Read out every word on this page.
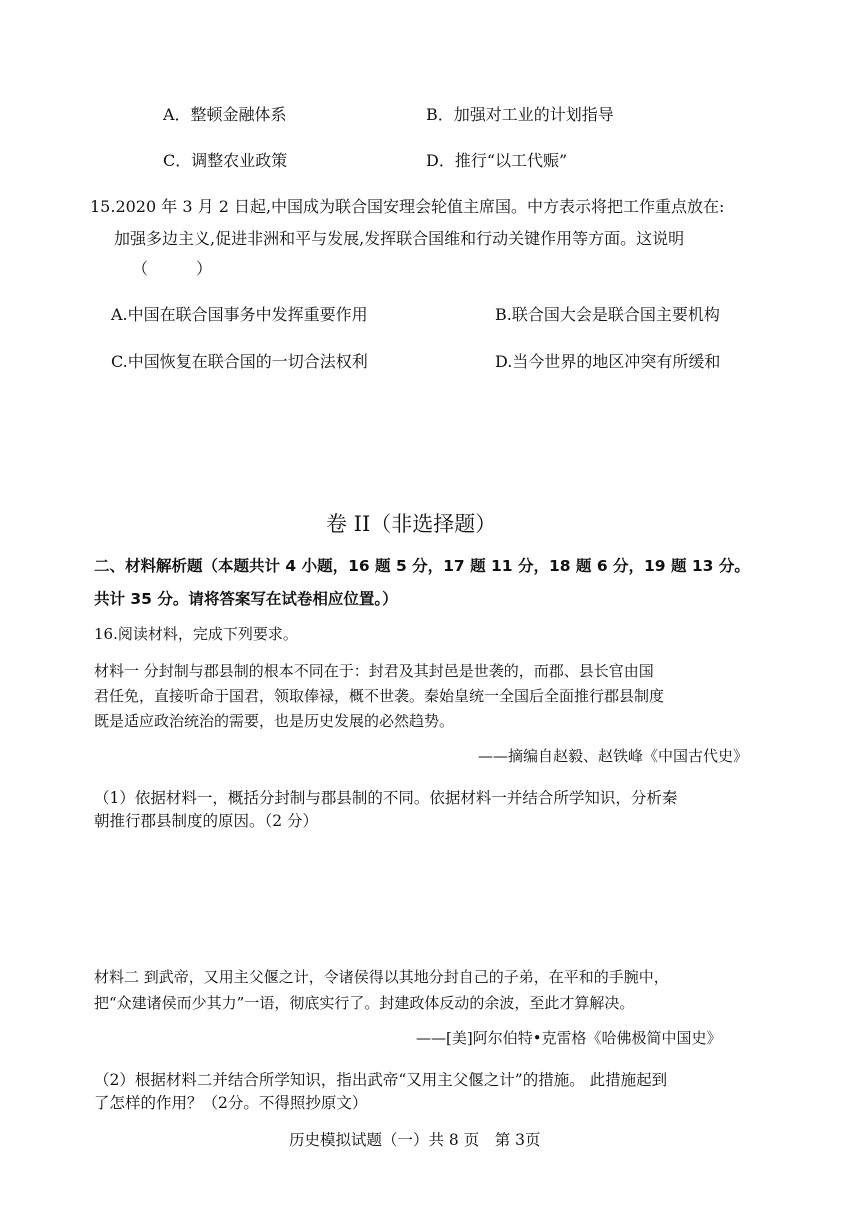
A．整顿金融体系	B．加强对工业的计划指导
C．调整农业政策	D．推行“以工代赈”
15.2020 年 3 月 2 日起,中国成为联合国安理会轮值主席国。中方表示将把工作重点放在:
加强多边主义,促进非洲和平与发展,发挥联合国维和行动关键作用等方面。这说明
（　　　）
A.中国在联合国事务中发挥重要作用	B.联合国大会是联合国主要机构
C.中国恢复在联合国的一切合法权利	D.当今世界的地区冲突有所缓和
卷 II（非选择题）
二、材料解析题（本题共计 4 小题，16 题 5 分，17 题 11 分，18 题 6 分，19 题 13 分。
共计 35 分。请将答案写在试卷相应位置。）
16.阅读材料，完成下列要求。
材料一 分封制与郡县制的根本不同在于：封君及其封邑是世袭的，而郡、县长官由国
君任免，直接听命于国君，领取俸禄，概不世袭。秦始皇统一全国后全面推行郡县制度
既是适应政治统治的需要，也是历史发展的必然趋势。
——摘编自赵毅、赵铁峰《中国古代史》
（1）依据材料一，概括分封制与郡县制的不同。依据材料一并结合所学知识，分析秦
朝推行郡县制度的原因。（2 分）
材料二 到武帝，又用主父偃之计，令诸侯得以其地分封自己的子弟，在平和的手腕中，
把“众建诸侯而少其力”一语，彻底实行了。封建政体反动的余波，至此才算解决。
——[美]阿尔伯特•克雷格《哈佛极简中国史》
（2）根据材料二并结合所学知识，指出武帝“又用主父偃之计”的措施。 此措施起到
了怎样的作用？（2分。不得照抄原文）
历史模拟试题（一）共 8 页　第 3页
